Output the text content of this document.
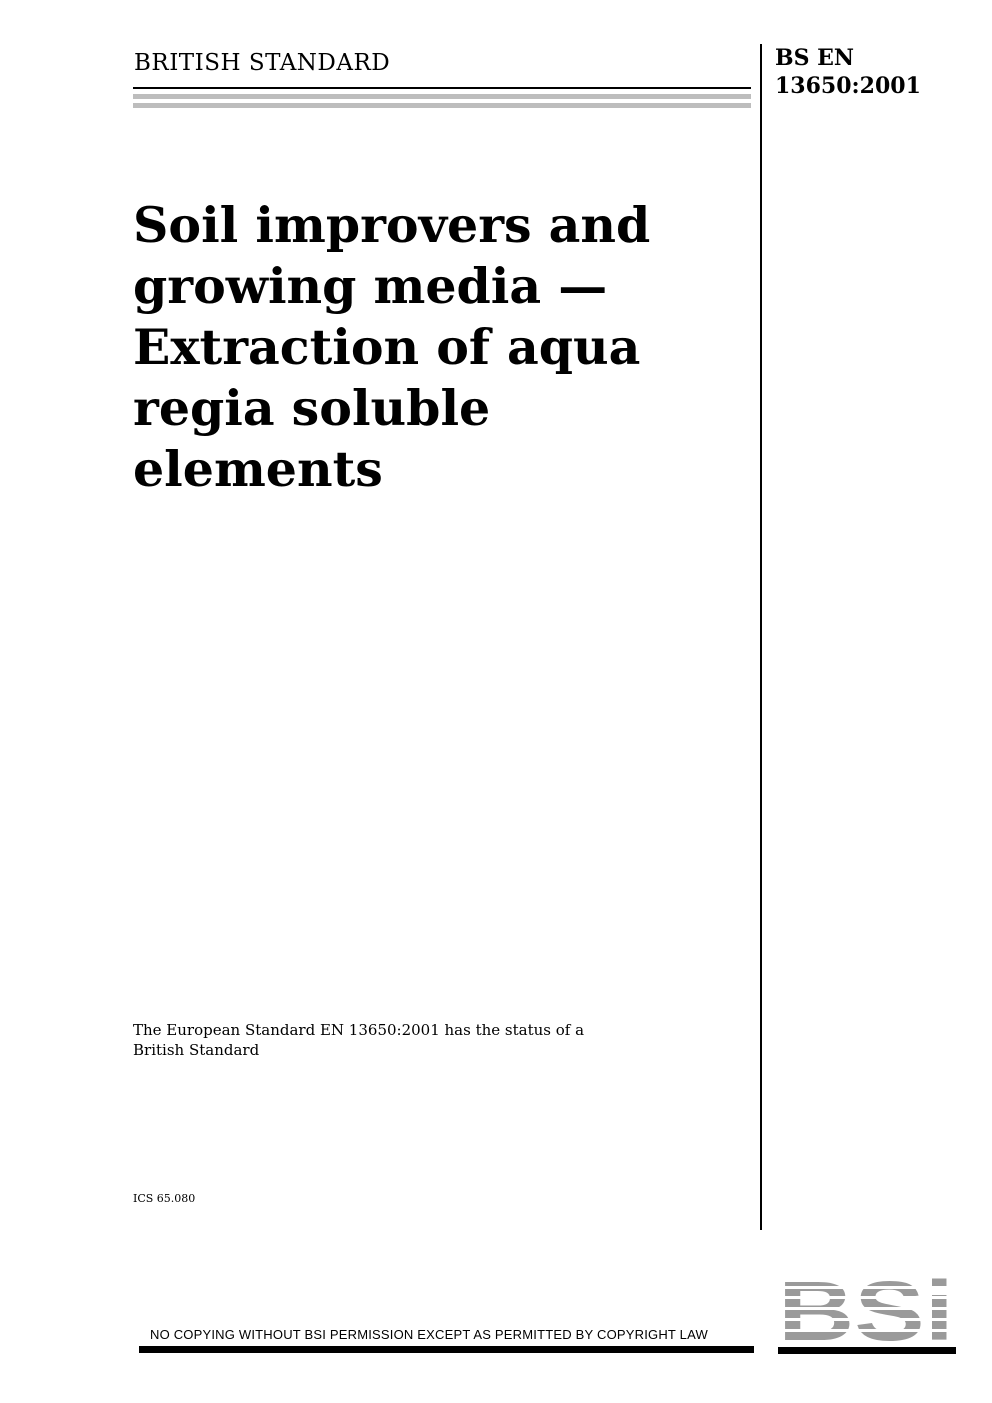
BRITISH STANDARD	BS EN
13650:2001
Soil improvers and
growing media —
Extraction of aqua
regia soluble elements
The European Standard EN 13650:2001 has the status of a
British Standard
ICS 65.080
NO COPYING WITHOUT BSI PERMISSION EXCEPT AS PERMITTED BY COPYRIGHT LAW
